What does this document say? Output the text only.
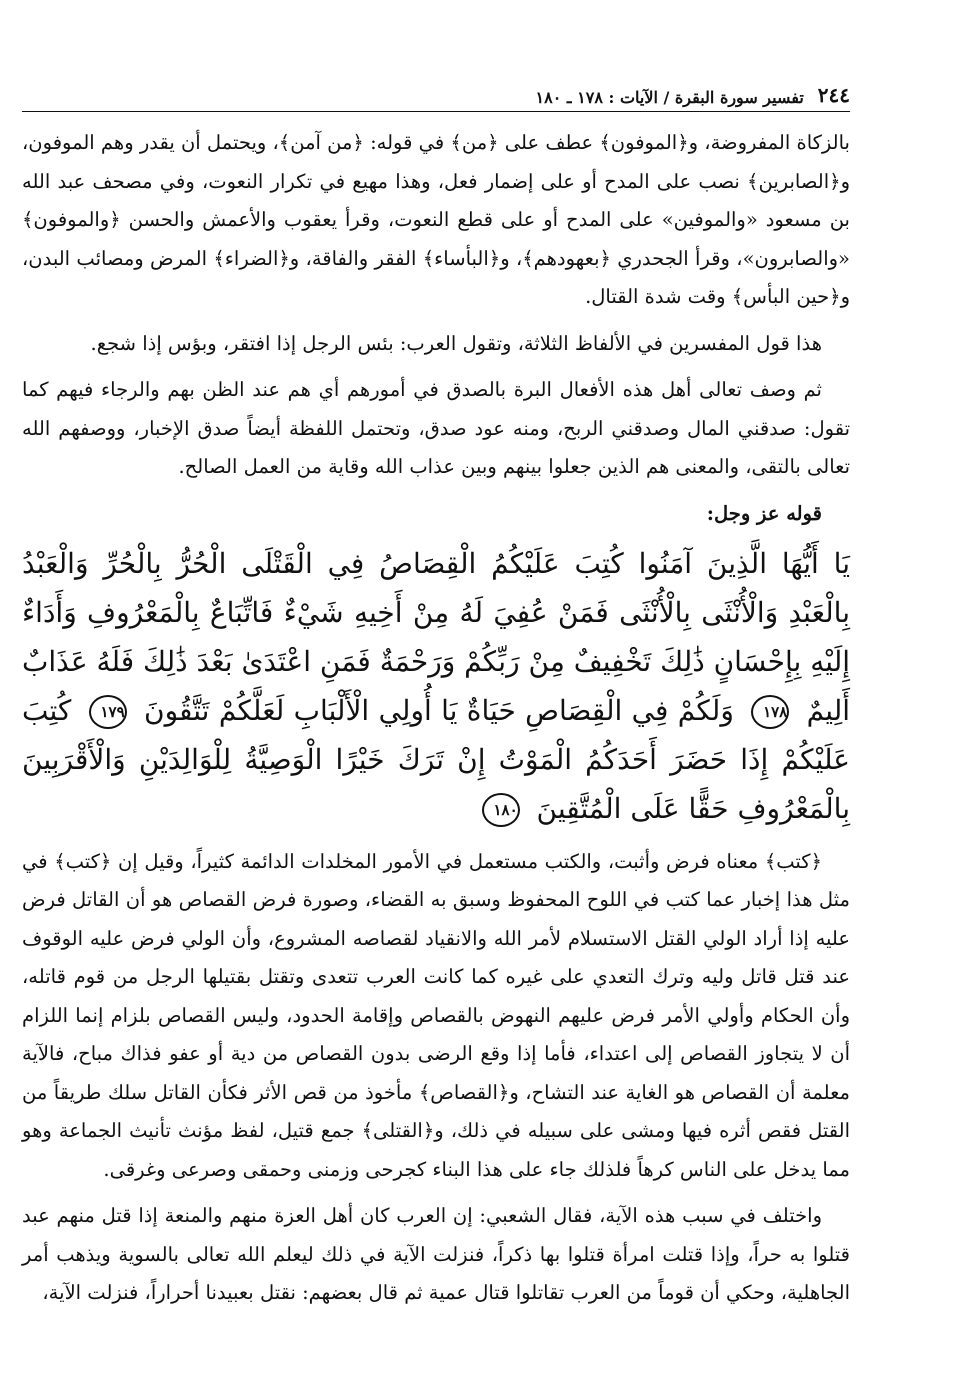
٢٤٤
تفسير سورة البقرة / الآيات : ١٧٨ ـ ١٨٠

بالزكاة المفروضة، و﴿الموفون﴾ عطف على ﴿من﴾ في قوله: ﴿من آمن﴾، ويحتمل أن يقدر وهم الموفون، و﴿الصابرين﴾ نصب على المدح أو على إضمار فعل، وهذا مهيع في تكرار النعوت، وفي مصحف عبد الله بن مسعود «والموفين» على المدح أو على قطع النعوت، وقرأ يعقوب والأعمش والحسن ﴿والموفون﴾ «والصابرون»، وقرأ الجحدري ﴿بعهودهم﴾، و﴿البأساء﴾ الفقر والفاقة، و﴿الضراء﴾ المرض ومصائب البدن، و﴿حين البأس﴾ وقت شدة القتال.

هذا قول المفسرين في الألفاظ الثلاثة، وتقول العرب: بئس الرجل إذا افتقر، وبؤس إذا شجع.

ثم وصف تعالى أهل هذه الأفعال البرة بالصدق في أمورهم أي هم عند الظن بهم والرجاء فيهم كما تقول: صدقني المال وصدقني الربح، ومنه عود صدق، وتحتمل اللفظة أيضاً صدق الإخبار، ووصفهم الله تعالى بالتقى، والمعنى هم الذين جعلوا بينهم وبين عذاب الله وقاية من العمل الصالح.

قوله عز وجل:
يَا أَيُّهَا الَّذِينَ آمَنُوا كُتِبَ عَلَيْكُمُ الْقِصَاصُ فِي الْقَتْلَى الْحُرُّ بِالْحُرِّ وَالْعَبْدُ بِالْعَبْدِ وَالْأُنْثَى بِالْأُنْثَى فَمَنْ عُفِيَ لَهُ مِنْ أَخِيهِ شَيْءٌ فَاتِّبَاعٌ بِالْمَعْرُوفِ وَأَدَاءٌ إِلَيْهِ بِإِحْسَانٍ ذَٰلِكَ تَخْفِيفٌ مِنْ رَبِّكُمْ وَرَحْمَةٌ فَمَنِ اعْتَدَىٰ بَعْدَ ذَٰلِكَ فَلَهُ عَذَابٌ أَلِيمٌ ١٧٨ وَلَكُمْ فِي الْقِصَاصِ حَيَاةٌ يَا أُولِي الْأَلْبَابِ لَعَلَّكُمْ تَتَّقُونَ ١٧٩ كُتِبَ عَلَيْكُمْ إِذَا حَضَرَ أَحَدَكُمُ الْمَوْتُ إِنْ تَرَكَ خَيْرًا الْوَصِيَّةُ لِلْوَالِدَيْنِ وَالْأَقْرَبِينَ بِالْمَعْرُوفِ حَقًّا عَلَى الْمُتَّقِينَ ١٨٠

﴿كتب﴾ معناه فرض وأثبت، والكتب مستعمل في الأمور المخلدات الدائمة كثيراً، وقيل إن ﴿كتب﴾ في مثل هذا إخبار عما كتب في اللوح المحفوظ وسبق به القضاء، وصورة فرض القصاص هو أن القاتل فرض عليه إذا أراد الولي القتل الاستسلام لأمر الله والانقياد لقصاصه المشروع، وأن الولي فرض عليه الوقوف عند قتل قاتل وليه وترك التعدي على غيره كما كانت العرب تتعدى وتقتل بقتيلها الرجل من قوم قاتله، وأن الحكام وأولي الأمر فرض عليهم النهوض بالقصاص وإقامة الحدود، وليس القصاص بلزام إنما اللزام أن لا يتجاوز القصاص إلى اعتداء، فأما إذا وقع الرضى بدون القصاص من دية أو عفو فذاك مباح، فالآية معلمة أن القصاص هو الغاية عند التشاح، و﴿القصاص﴾ مأخوذ من قص الأثر فكأن القاتل سلك طريقاً من القتل فقص أثره فيها ومشى على سبيله في ذلك، و﴿القتلى﴾ جمع قتيل، لفظ مؤنث تأنيث الجماعة وهو مما يدخل على الناس كرهاً فلذلك جاء على هذا البناء كجرحى وزمنى وحمقى وصرعى وغرقى.

واختلف في سبب هذه الآية، فقال الشعبي: إن العرب كان أهل العزة منهم والمنعة إذا قتل منهم عبد قتلوا به حراً، وإذا قتلت امرأة قتلوا بها ذكراً، فنزلت الآية في ذلك ليعلم الله تعالى بالسوية ويذهب أمر الجاهلية، وحكي أن قوماً من العرب تقاتلوا قتال عمية ثم قال بعضهم: نقتل بعبيدنا أحراراً، فنزلت الآية،
